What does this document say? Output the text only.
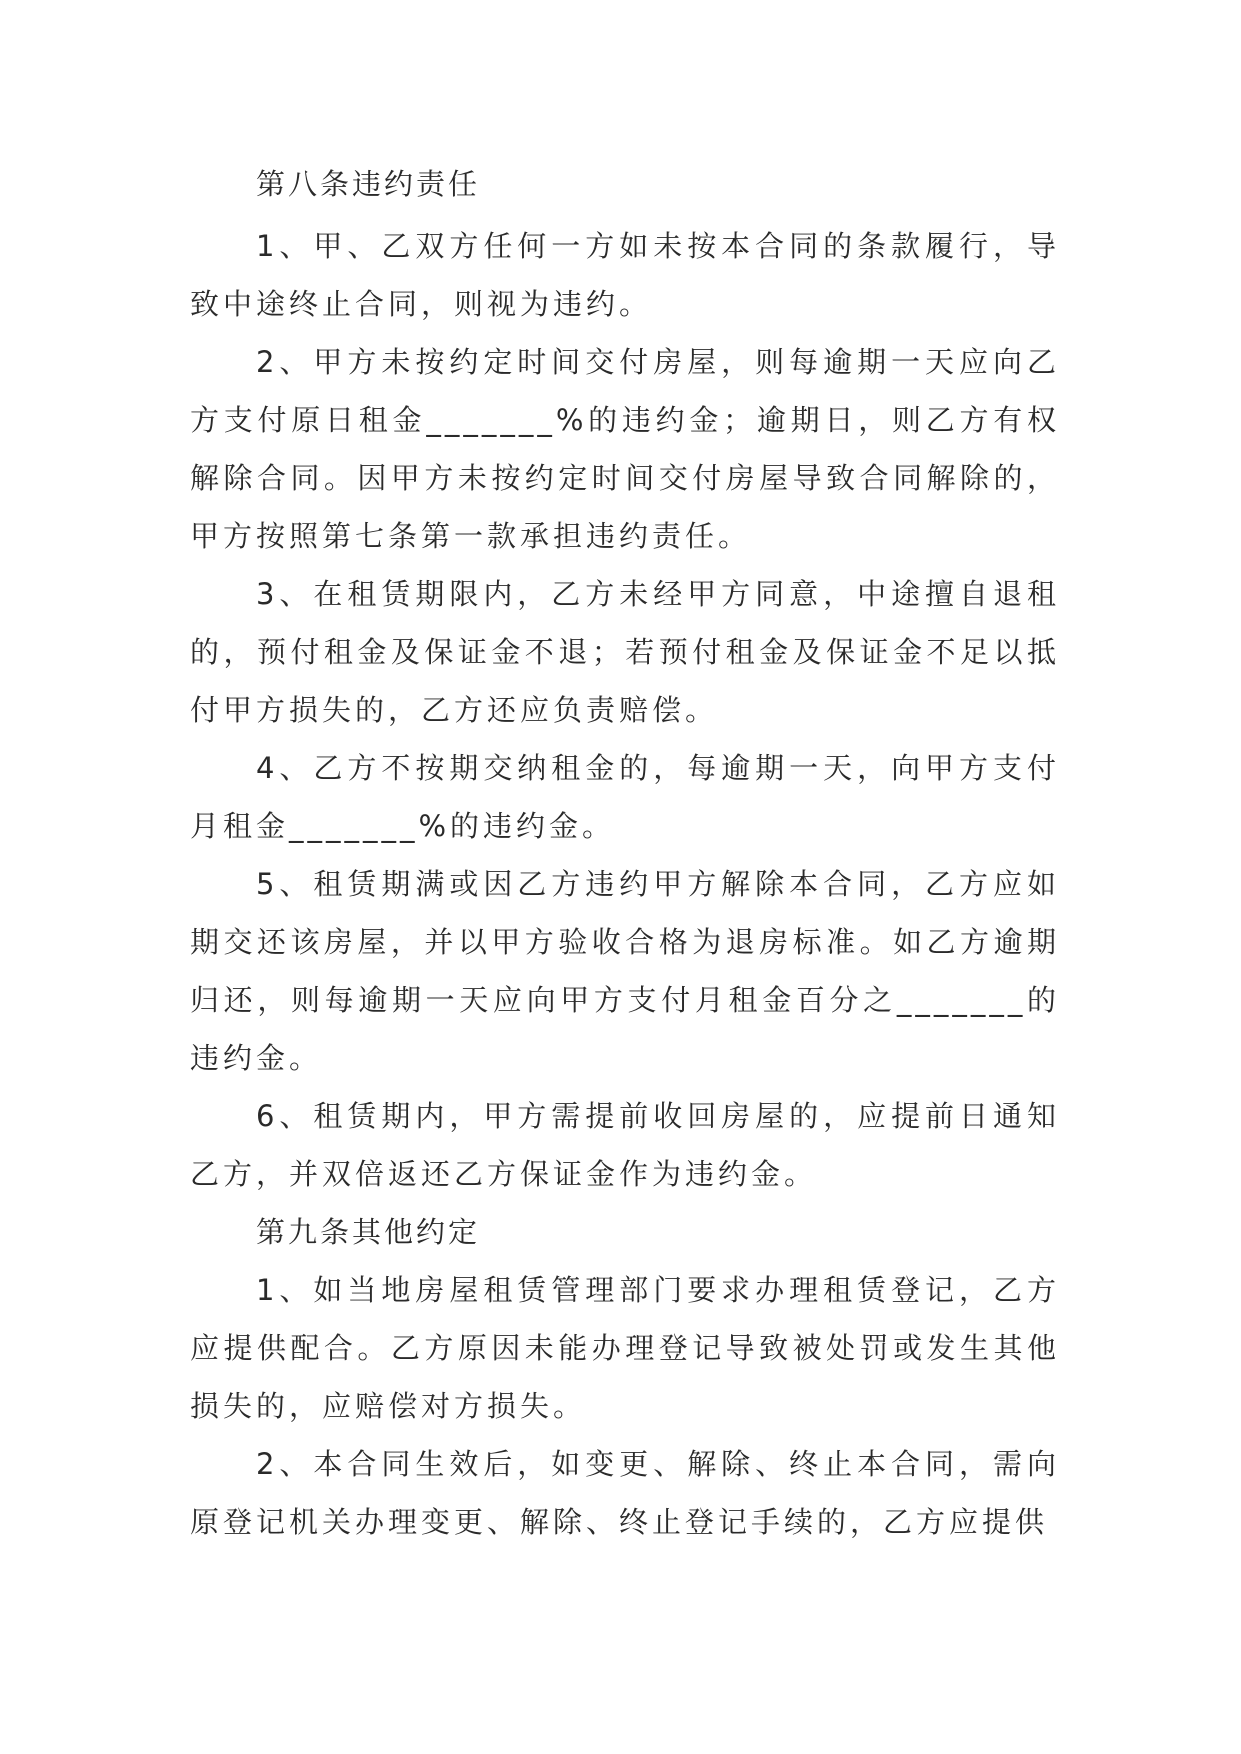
第八条违约责任

1、甲、乙双方任何一方如未按本合同的条款履行，导致中途终止合同，则视为违约。

2、甲方未按约定时间交付房屋，则每逾期一天应向乙方支付原日租金_______%的违约金；逾期日，则乙方有权解除合同。因甲方未按约定时间交付房屋导致合同解除的，甲方按照第七条第一款承担违约责任。

3、在租赁期限内，乙方未经甲方同意，中途擅自退租的，预付租金及保证金不退；若预付租金及保证金不足以抵付甲方损失的，乙方还应负责赔偿。

4、乙方不按期交纳租金的，每逾期一天，向甲方支付月租金_______%的违约金。

5、租赁期满或因乙方违约甲方解除本合同，乙方应如期交还该房屋，并以甲方验收合格为退房标准。如乙方逾期归还，则每逾期一天应向甲方支付月租金百分之_______的违约金。

6、租赁期内，甲方需提前收回房屋的，应提前日通知乙方，并双倍返还乙方保证金作为违约金。

第九条其他约定

1、如当地房屋租赁管理部门要求办理租赁登记，乙方应提供配合。乙方原因未能办理登记导致被处罚或发生其他损失的，应赔偿对方损失。

2、本合同生效后，如变更、解除、终止本合同，需向原登记机关办理变更、解除、终止登记手续的，乙方应提供
